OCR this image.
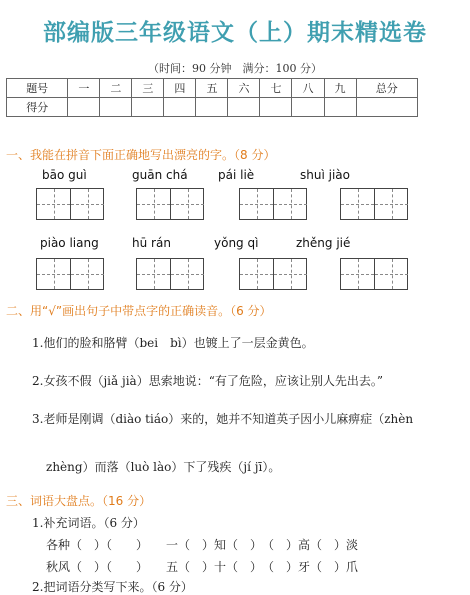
部编版三年级语文（上）期末精选卷
（时间：90 分钟　满分：100 分）
题号	一	二	三	四	五	六	七	八	九	总分
得分										
一、我能在拼音下面正确地写出漂亮的字。（8 分）
bāo guì	guān chá	pái liè	shuì jiào
piào liang	hū rán	yǒng qì	zhěng jié
二、用“√”画出句子中带点字的正确读音。（6 分）
1.他们的脸和胳臂（bei　bì）也镀上了一层金黄色。
2.女孩不假（jiǎ jià）思索地说：“有了危险，应该让别人先出去。”
3.老师是刚调（diào tiáo）来的，她并不知道英子因小儿麻痹症（zhèn
zhèng）而落（luò lào）下了残疾（jí jī）。
三、词语大盘点。（16 分）
1.补充词语。（6 分）
各种（　）（　　）　　一（　）知（　）　（　）高（　）淡
秋风（　）（　　）　　五（　）十（　）　（　）牙（　）爪
2.把词语分类写下来。（6 分）
